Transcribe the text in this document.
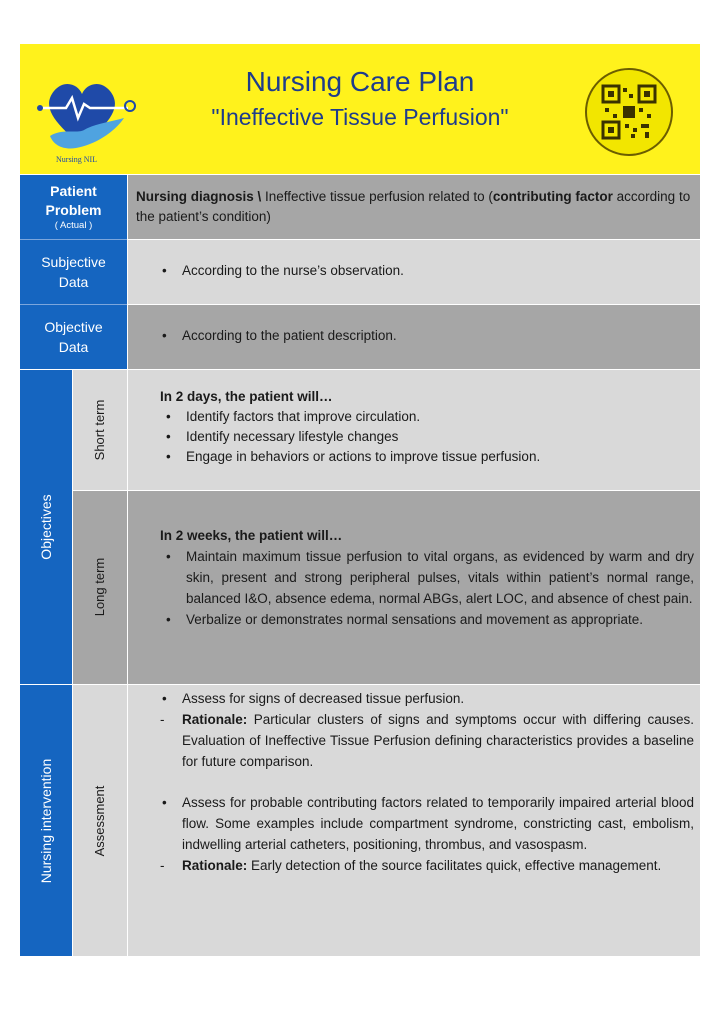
Nursing NIL
Nursing Care Plan
"Ineffective Tissue Perfusion"
Patient
Problem
( Actual )
Nursing diagnosis \ Ineffective tissue perfusion related to (contributing factor according to the patient’s condition)
Subjective
Data
• According to the nurse’s observation.
Objective
Data
• According to the patient description.
Objectives
Short term
In 2 days, the patient will…
• Identify factors that improve circulation.
• Identify necessary lifestyle changes
• Engage in behaviors or actions to improve tissue perfusion.
Long term
In 2 weeks, the patient will…
• Maintain maximum tissue perfusion to vital organs, as evidenced by warm and dry skin, present and strong peripheral pulses, vitals within patient’s normal range, balanced I&O, absence edema, normal ABGs, alert LOC, and absence of chest pain.
• Verbalize or demonstrates normal sensations and movement as appropriate.
Nursing intervention	Assessment
• Assess for signs of decreased tissue perfusion.
- Rationale: Particular clusters of signs and symptoms occur with differing causes. Evaluation of Ineffective Tissue Perfusion defining characteristics provides a baseline for future comparison.
• Assess for probable contributing factors related to temporarily impaired arterial blood flow. Some examples include compartment syndrome, constricting cast, embolism, indwelling arterial catheters, positioning, thrombus, and vasospasm.
- Rationale: Early detection of the source facilitates quick, effective management.
